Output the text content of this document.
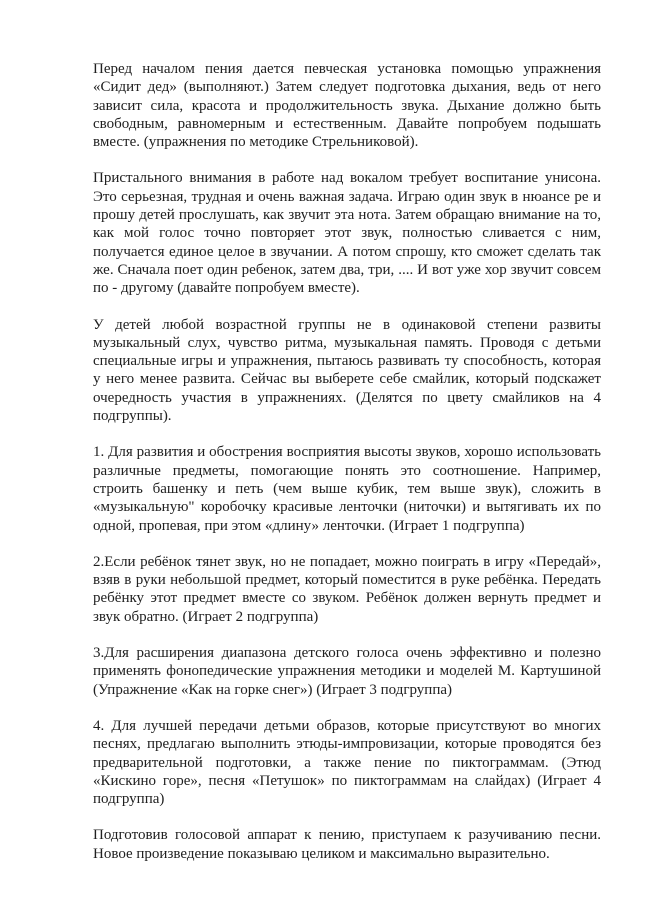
Перед началом пения дается певческая установка помощью упражнения «Сидит дед» (выполняют.) Затем следует подготовка дыхания, ведь от него зависит сила, красота и продолжительность звука. Дыхание должно быть свободным, равномерным и естественным. Давайте попробуем подышать вместе. (упражнения по методике Стрельниковой).

Пристального внимания в работе над вокалом требует воспитание унисона. Это серьезная, трудная и очень важная задача. Играю один звук в нюансе ре и прошу детей прослушать, как звучит эта нота. Затем обращаю внимание на то, как мой голос точно повторяет этот звук, полностью сливается с ним, получается единое целое в звучании. А потом спрошу, кто сможет сделать так же. Сначала поет один ребенок, затем два, три, .... И вот уже хор звучит совсем по - другому (давайте попробуем вместе).

У детей любой возрастной группы не в одинаковой степени развиты музыкальный слух, чувство ритма, музыкальная память. Проводя с детьми специальные игры и упражнения, пытаюсь развивать ту способность, которая у него менее развита. Сейчас вы выберете себе смайлик, который подскажет очередность участия в упражнениях. (Делятся по цвету смайликов на 4 подгруппы).

1. Для развития и обострения восприятия высоты звуков, хорошо использовать различные предметы, помогающие понять это соотношение. Например, строить башенку и петь (чем выше кубик, тем выше звук), сложить в «музыкальную" коробочку красивые ленточки (ниточки) и вытягивать их по одной, пропевая, при этом «длину» ленточки. (Играет 1 подгруппа)

2.Если ребёнок тянет звук, но не попадает, можно поиграть в игру «Передай», взяв в руки небольшой предмет, который поместится в руке ребёнка. Передать ребёнку этот предмет вместе со звуком. Ребёнок должен вернуть предмет и звук обратно. (Играет 2 подгруппа)

3.Для расширения диапазона детского голоса очень эффективно и полезно применять фонопедические упражнения методики и моделей М. Картушиной (Упражнение «Как на горке снег») (Играет 3 подгруппа)

4. Для лучшей передачи детьми образов, которые присутствуют во многих песнях, предлагаю выполнить этюды-импровизации, которые проводятся без предварительной подготовки, а также пение по пиктограммам. (Этюд «Кискино горе», песня «Петушок» по пиктограммам на слайдах) (Играет 4 подгруппа)

Подготовив голосовой аппарат к пению, приступаем к разучиванию песни. Новое произведение показываю целиком и максимально выразительно.
